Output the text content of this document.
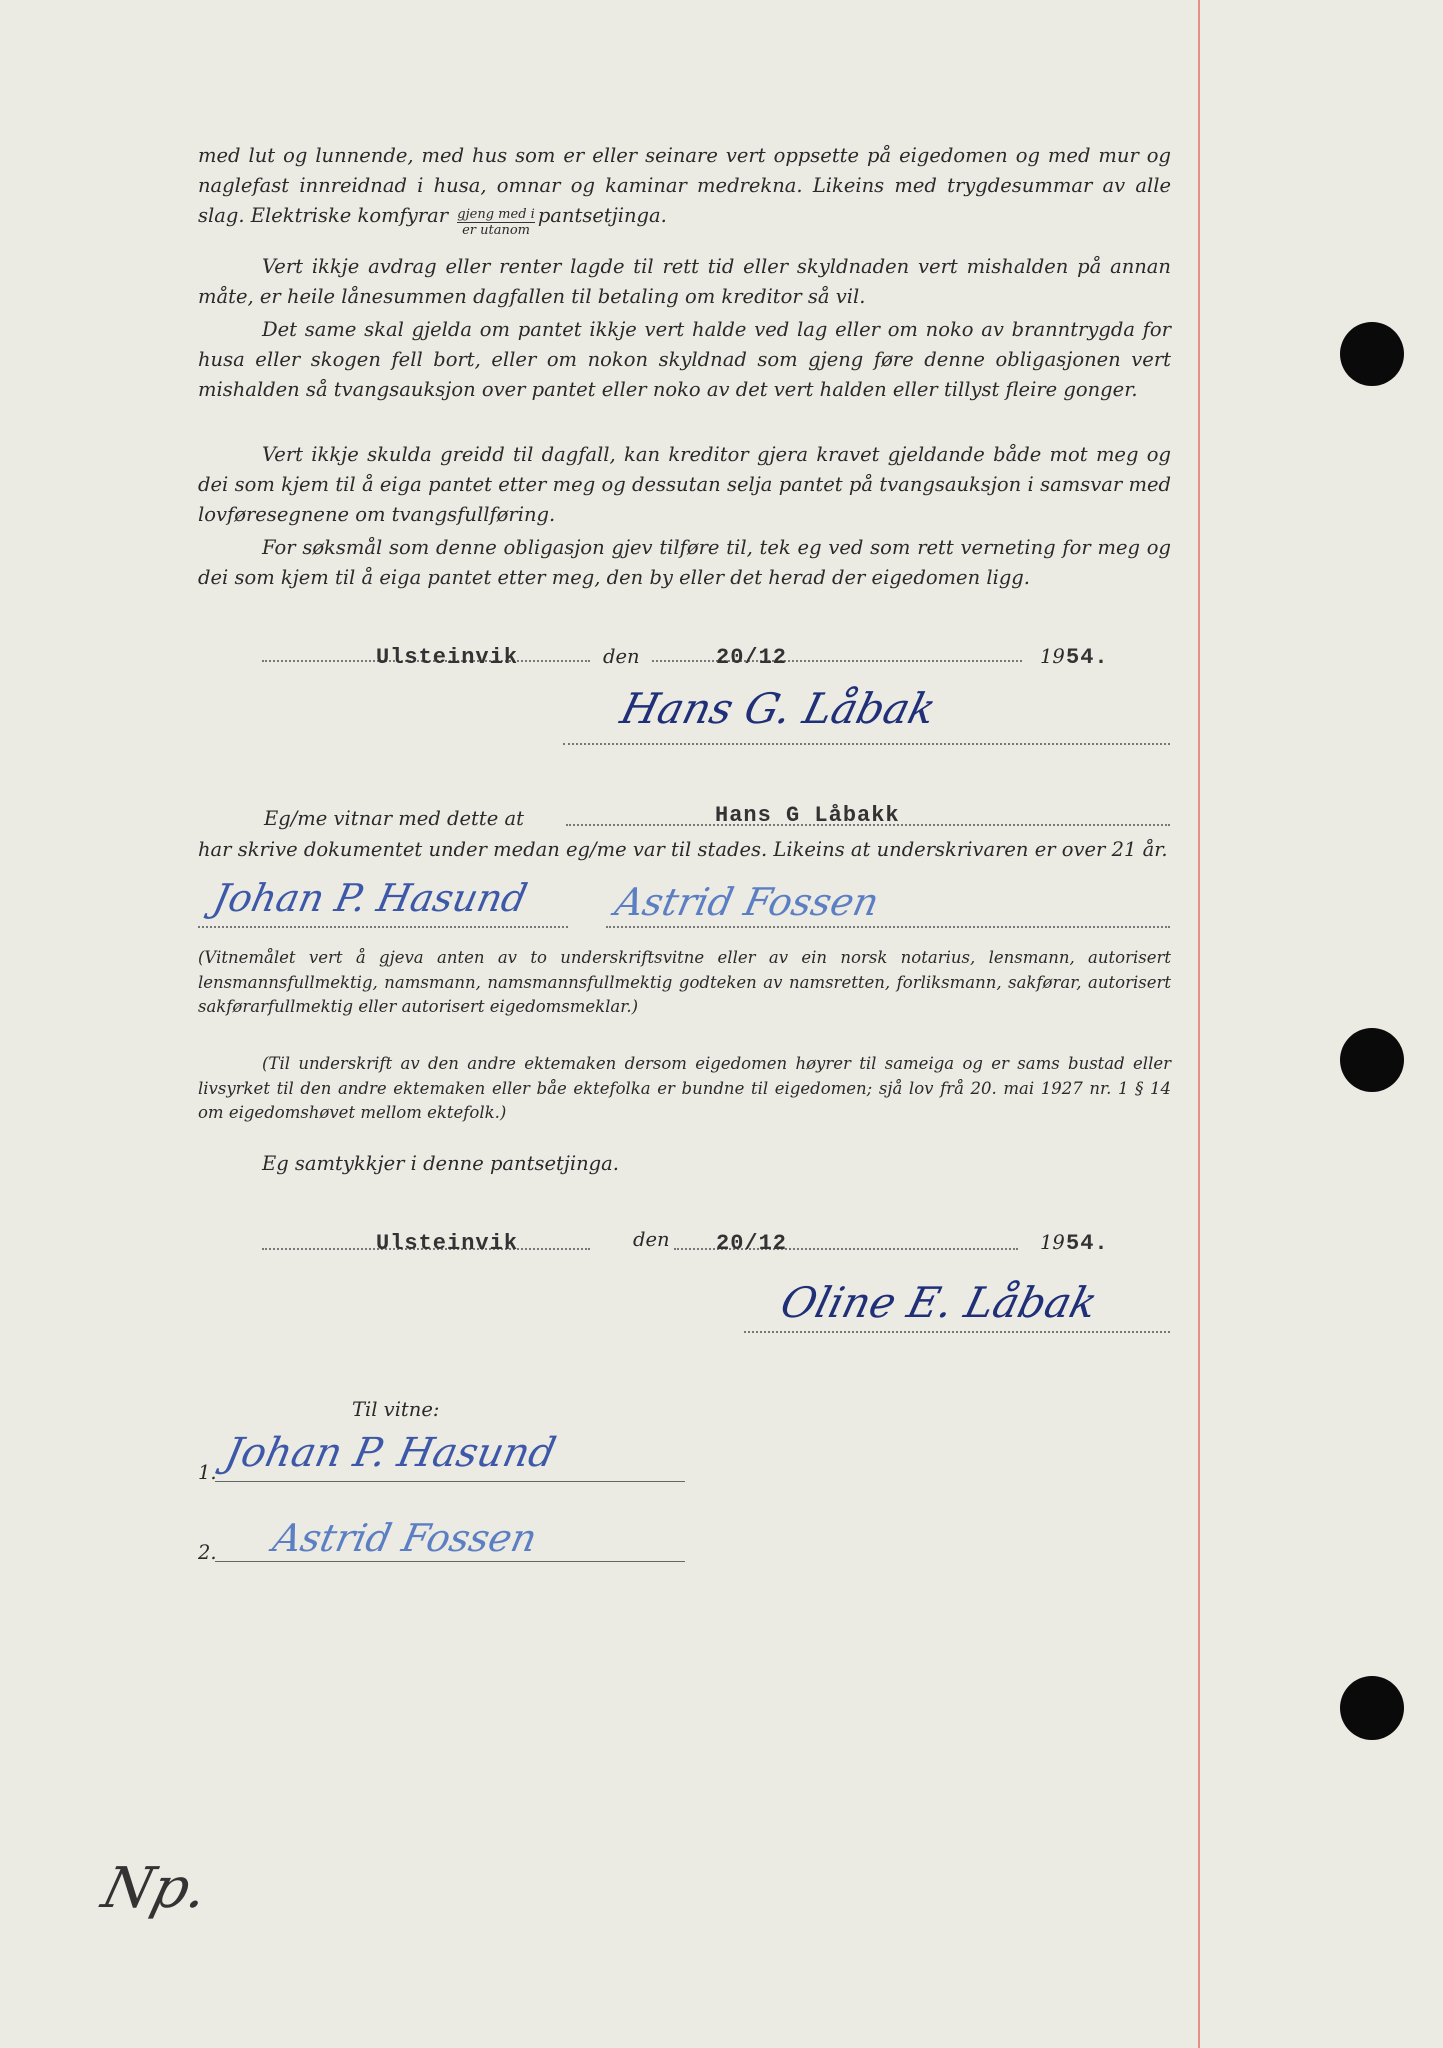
med lut og lunnende, med hus som er eller seinare vert oppsette på eigedomen og med mur og naglefast innreidnad i husa, omnar og kaminar medrekna. Likeins med trygdesummar av alle slag. Elektriske komfyrar gjeng med i
er utanom
pantsetjinga.

Vert ikkje avdrag eller renter lagde til rett tid eller skyldnaden vert mishalden på annan måte, er heile lånesummen dagfallen til betaling om kreditor så vil.

Det same skal gjelda om pantet ikkje vert halde ved lag eller om noko av branntrygda for husa eller skogen fell bort, eller om nokon skyldnad som gjeng føre denne obligasjonen vert mishalden så tvangsauksjon over pantet eller noko av det vert halden eller tillyst fleire gonger.

Vert ikkje skulda greidd til dagfall, kan kreditor gjera kravet gjeldande både mot meg og dei som kjem til å eiga pantet etter meg og dessutan selja pantet på tvangsauksjon i samsvar med lovføresegnene om tvangsfullføring.

For søksmål som denne obligasjon gjev tilføre til, tek eg ved som rett verneting for meg og dei som kjem til å eiga pantet etter meg, den by eller det herad der eigedomen ligg.

Ulsteinvik	den	20/12	19 54.
Hans G. Låbak
Eg/me vitnar med dette at	Hans G Låbakk

har skrive dokumentet under medan eg/me var til stades. Likeins at underskrivaren er over 21 år.

Johan P. Hasund Astrid Fossen

(Vitnemålet vert å gjeva anten av to underskriftsvitne eller av ein norsk notarius, lensmann, autorisert lensmannsfullmektig, namsmann, namsmannsfullmektig godteken av namsretten, forliksmann, sakførar, autorisert sakførarfullmektig eller autorisert eigedomsmeklar.)

(Til underskrift av den andre ektemaken dersom eigedomen høyrer til sameiga og er sams bustad eller livsyrket til den andre ektemaken eller båe ektefolka er bundne til eigedomen; sjå lov frå 20. mai 1927 nr. 1 § 14 om eigedomshøvet mellom ektefolk.)

Eg samtykkjer i denne pantsetjinga.
Ulsteinvik	den 20/12	19 54.
Oline E. Låbak
Til vitne:
1. Johan P. Hasund
2. Astrid Fossen
Np.
